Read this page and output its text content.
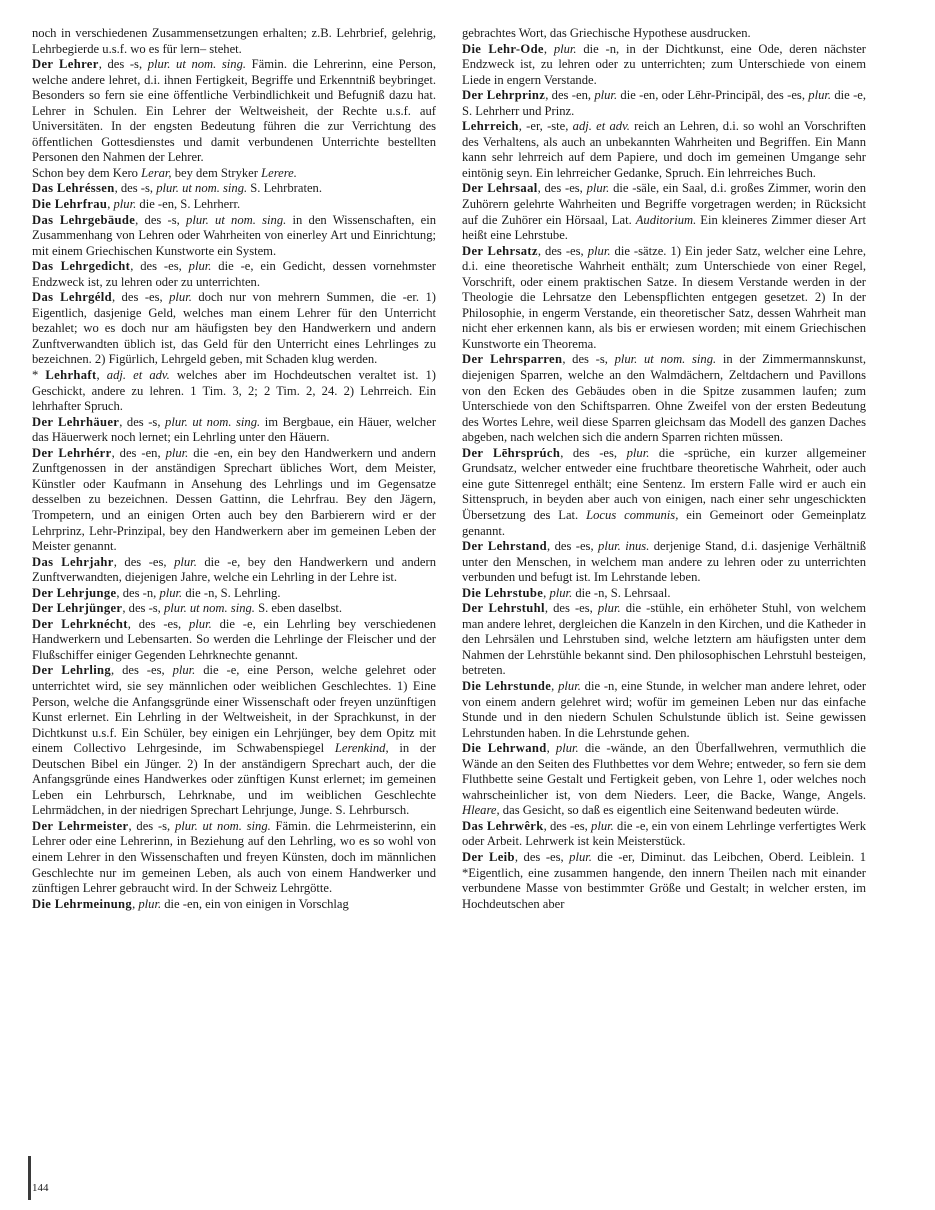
noch in verschiedenen Zusammensetzungen erhalten; z.B. Lehrbrief, gelehrig, Lehrbegierde u.s.f. wo es für lern– stehet.

Der Lehrer, des -s, plur. ut nom. sing. Fämin. die Lehrerinn, eine Person, welche andere lehret, d.i. ihnen Fertigkeit, Begriffe und Erkenntniß beybringet. Besonders so fern sie eine öffentliche Verbindlichkeit und Befugniß dazu hat. Lehrer in Schulen. Ein Lehrer der Weltweisheit, der Rechte u.s.f. auf Universitäten. In der engsten Bedeutung führen die zur Verrichtung des öffentlichen Gottesdienstes und damit verbundenen Unterrichte bestellten Personen den Nahmen der Lehrer.

Schon bey dem Kero Lerar, bey dem Stryker Lerere.

Das Lehréssen, des -s, plur. ut nom. sing. S. Lehrbraten.

Die Lehrfrau, plur. die -en, S. Lehrherr.

Das Lehrgebäude, des -s, plur. ut nom. sing. in den Wissenschaften, ein Zusammenhang von Lehren oder Wahrheiten von einerley Art und Einrichtung; mit einem Griechischen Kunstworte ein System.

Das Lehrgedicht, des -es, plur. die -e, ein Gedicht, dessen vornehmster Endzweck ist, zu lehren oder zu unterrichten.

Das Lehrgéld, des -es, plur. doch nur von mehrern Summen, die -er. 1) Eigentlich, dasjenige Geld, welches man einem Lehrer für den Unterricht bezahlet; wo es doch nur am häufigsten bey den Handwerkern und andern Zunftverwandten üblich ist, das Geld für den Unterricht eines Lehrlinges zu bezeichnen. 2) Figürlich, Lehrgeld geben, mit Schaden klug werden.

* Lehrhaft, adj. et adv. welches aber im Hochdeutschen veraltet ist. 1) Geschickt, andere zu lehren. 1 Tim. 3, 2; 2 Tim. 2, 24. 2) Lehrreich. Ein lehrhafter Spruch.

Der Lehrhäuer, des -s, plur. ut nom. sing. im Bergbaue, ein Häuer, welcher das Häuerwerk noch lernet; ein Lehrling unter den Häuern.

Der Lehrhérr, des -en, plur. die -en, ein bey den Handwerkern und andern Zunftgenossen in der anständigen Sprechart übliches Wort, dem Meister, Künstler oder Kaufmann in Ansehung des Lehrlings und im Gegensatze desselben zu bezeichnen. Dessen Gattinn, die Lehrfrau. Bey den Jägern, Trompetern, und an einigen Orten auch bey den Barbierern wird er der Lehrprinz, Lehr-Prinzipal, bey den Handwerkern aber im gemeinen Leben der Meister genannt.

Das Lehrjahr, des -es, plur. die -e, bey den Handwerkern und andern Zunftverwandten, diejenigen Jahre, welche ein Lehrling in der Lehre ist.

Der Lehrjunge, des -n, plur. die -n, S. Lehrling.

Der Lehrjünger, des -s, plur. ut nom. sing. S. eben daselbst.

Der Lehrknécht, des -es, plur. die -e, ein Lehrling bey verschiedenen Handwerkern und Lebensarten. So werden die Lehrlinge der Fleischer und der Flußschiffer einiger Gegenden Lehrknechte genannt.

Der Lehrling, des -es, plur. die -e, eine Person, welche gelehret oder unterrichtet wird, sie sey männlichen oder weiblichen Geschlechtes. 1) Eine Person, welche die Anfangsgründe einer Wissenschaft oder freyen unzünftigen Kunst erlernet. Ein Lehrling in der Weltweisheit, in der Sprachkunst, in der Dichtkunst u.s.f. Ein Schüler, bey einigen ein Lehrjünger, bey dem Opitz mit einem Collectivo Lehrgesinde, im Schwabenspiegel Lerenkind, in der Deutschen Bibel ein Jünger. 2) In der anständigern Sprechart auch, der die Anfangsgründe eines Handwerkes oder zünftigen Kunst erlernet; im gemeinen Leben ein Lehrbursch, Lehrknabe, und im weiblichen Geschlechte Lehrmädchen, in der niedrigen Sprechart Lehrjunge, Junge. S. Lehrbursch.

Der Lehrmeister, des -s, plur. ut nom. sing. Fämin. die Lehrmeisterinn, ein Lehrer oder eine Lehrerinn, in Beziehung auf den Lehrling, wo es so wohl von einem Lehrer in den Wissenschaften und freyen Künsten, doch im männlichen Geschlechte nur im gemeinen Leben, als auch von einem Handwerker und zünftigen Lehrer gebraucht wird. In der Schweiz Lehrgötte.

Die Lehrmeinung, plur. die -en, ein von einigen in Vorschlag

gebrachtes Wort, das Griechische Hypothese ausdrucken.

Die Lehr-Ode, plur. die -n, in der Dichtkunst, eine Ode, deren nächster Endzweck ist, zu lehren oder zu unterrichten; zum Unterschiede von einem Liede in engern Verstande.

Der Lehrprinz, des -en, plur. die -en, oder Lēhr-Principāl, des -es, plur. die -e, S. Lehrherr und Prinz.

Lehrreich, -er, -ste, adj. et adv. reich an Lehren, d.i. so wohl an Vorschriften des Verhaltens, als auch an unbekannten Wahrheiten und Begriffen. Ein Mann kann sehr lehrreich auf dem Papiere, und doch im gemeinen Umgange sehr eintönig seyn. Ein lehrreicher Gedanke, Spruch. Ein lehrreiches Buch.

Der Lehrsaal, des -es, plur. die -säle, ein Saal, d.i. großes Zimmer, worin den Zuhörern gelehrte Wahrheiten und Begriffe vorgetragen werden; in Rücksicht auf die Zuhörer ein Hörsaal, Lat. Auditorium. Ein kleineres Zimmer dieser Art heißt eine Lehrstube.

Der Lehrsatz, des -es, plur. die -sätze. 1) Ein jeder Satz, welcher eine Lehre, d.i. eine theoretische Wahrheit enthält; zum Unterschiede von einer Regel, Vorschrift, oder einem praktischen Satze. In diesem Verstande werden in der Theologie die Lehrsatze den Lebenspflichten entgegen gesetzet. 2) In der Philosophie, in engerm Verstande, ein theoretischer Satz, dessen Wahrheit man nicht eher erkennen kann, als bis er erwiesen worden; mit einem Griechischen Kunstworte ein Theorema.

Der Lehrsparren, des -s, plur. ut nom. sing. in der Zimmermannskunst, diejenigen Sparren, welche an den Walmdächern, Zeltdachern und Pavillons von den Ecken des Gebäudes oben in die Spitze zusammen laufen; zum Unterschiede von den Schiftsparren. Ohne Zweifel von der ersten Bedeutung des Wortes Lehre, weil diese Sparren gleichsam das Modell des ganzen Daches abgeben, nach welchen sich die andern Sparren richten müssen.

Der Lēhrsprúch, des -es, plur. die -sprüche, ein kurzer allgemeiner Grundsatz, welcher entweder eine fruchtbare theoretische Wahrheit, oder auch eine gute Sittenregel enthält; eine Sentenz. Im erstern Falle wird er auch ein Sittenspruch, in beyden aber auch von einigen, nach einer sehr ungeschickten Übersetzung des Lat. Locus communis, ein Gemeinort oder Gemeinplatz genannt.

Der Lehrstand, des -es, plur. inus. derjenige Stand, d.i. dasjenige Verhältniß unter den Menschen, in welchem man andere zu lehren oder zu unterrichten verbunden und befugt ist. Im Lehrstande leben.

Die Lehrstube, plur. die -n, S. Lehrsaal.

Der Lehrstuhl, des -es, plur. die -stühle, ein erhöheter Stuhl, von welchem man andere lehret, dergleichen die Kanzeln in den Kirchen, und die Katheder in den Lehrsälen und Lehrstuben sind, welche letztern am häufigsten unter dem Nahmen der Lehrstühle bekannt sind. Den philosophischen Lehrstuhl besteigen, betreten.

Die Lehrstunde, plur. die -n, eine Stunde, in welcher man andere lehret, oder von einem andern gelehret wird; wofür im gemeinen Leben nur das einfache Stunde und in den niedern Schulen Schulstunde üblich ist. Seine gewissen Lehrstunden haben. In die Lehrstunde gehen.

Die Lehrwand, plur. die -wände, an den Überfallwehren, vermuthlich die Wände an den Seiten des Fluthbettes vor dem Wehre; entweder, so fern sie dem Fluthbette seine Gestalt und Fertigkeit geben, von Lehre 1, oder welches noch wahrscheinlicher ist, von dem Nieders. Leer, die Backe, Wange, Angels. Hleare, das Gesicht, so daß es eigentlich eine Seitenwand bedeuten würde.

Das Lehrwêrk, des -es, plur. die -e, ein von einem Lehrlinge verfertigtes Werk oder Arbeit. Lehrwerk ist kein Meisterstück.

Der Leib, des -es, plur. die -er, Diminut. das Leibchen, Oberd. Leiblein. 1 *Eigentlich, eine zusammen hangende, den innern Theilen nach mit einander verbundene Masse von bestimmter Größe und Gestalt; in welcher ersten, im Hochdeutschen aber

144
